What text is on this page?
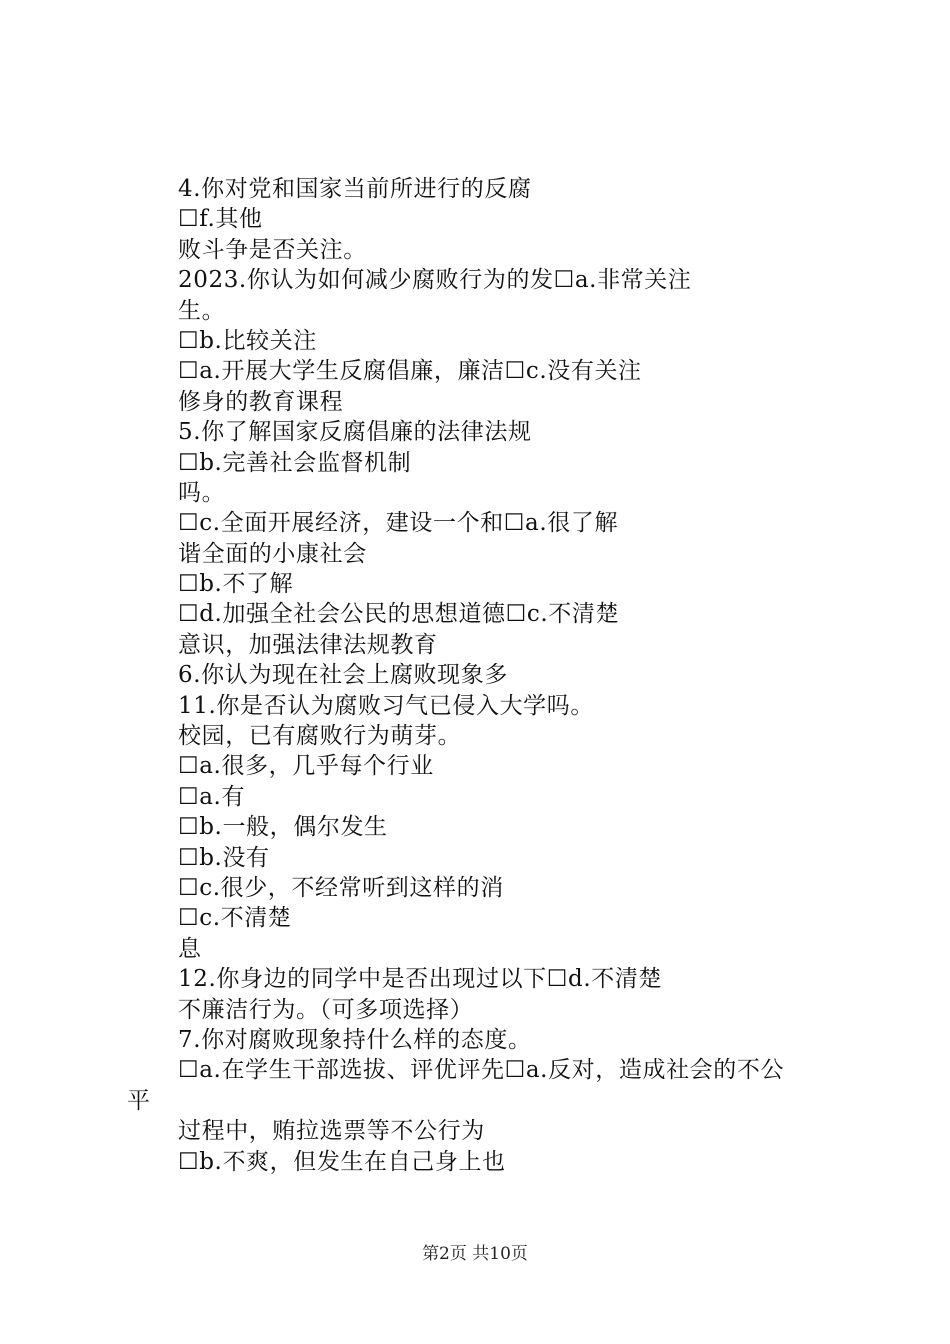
4.你对党和国家当前所进行的反腐
☐f.其他
败斗争是否关注。
2023.你认为如何减少腐败行为的发☐a.非常关注
生。
☐b.比较关注
☐a.开展大学生反腐倡廉，廉洁☐c.没有关注
修身的教育课程
5.你了解国家反腐倡廉的法律法规
☐b.完善社会监督机制
吗。
☐c.全面开展经济，建设一个和☐a.很了解
谐全面的小康社会
☐b.不了解
☐d.加强全社会公民的思想道德☐c.不清楚
意识，加强法律法规教育
6.你认为现在社会上腐败现象多
11.你是否认为腐败习气已侵入大学吗。
校园，已有腐败行为萌芽。
☐a.很多，几乎每个行业
☐a.有
☐b.一般，偶尔发生
☐b.没有
☐c.很少，不经常听到这样的消
☐c.不清楚
息
12.你身边的同学中是否出现过以下☐d.不清楚
不廉洁行为。（可多项选择）
7.你对腐败现象持什么样的态度。
☐a.在学生干部选拔、评优评先☐a.反对，造成社会的不公
平
过程中，贿拉选票等不公行为
☐b.不爽，但发生在自己身上也
第2页 共10页
